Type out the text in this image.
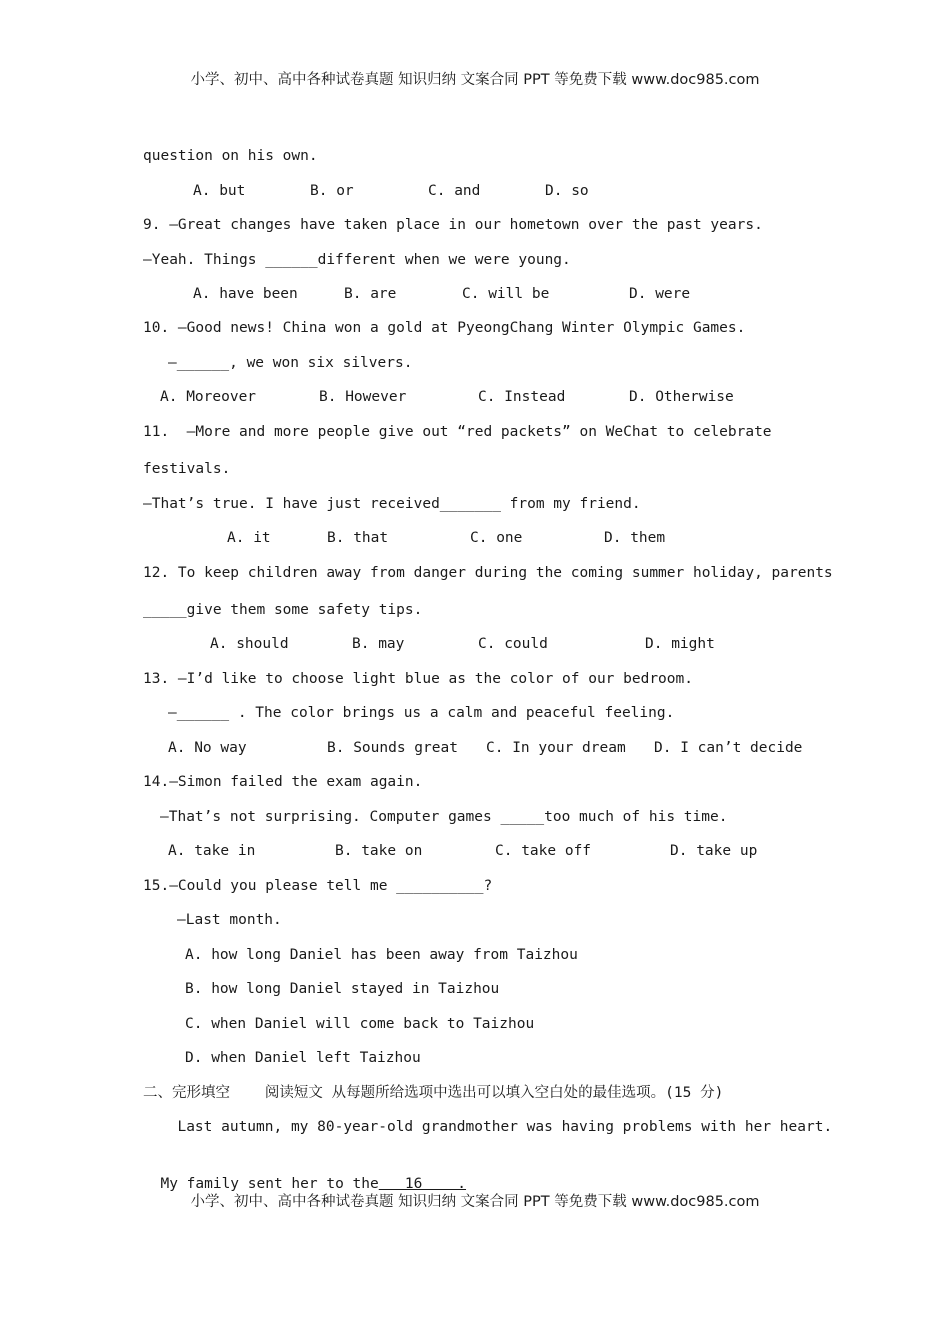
小学、初中、高中各种试卷真题 知识归纳 文案合同 PPT 等免费下载 www.doc985.com
question on his own.
A. but	B. or	C. and	D. so
9. —Great changes have taken place in our hometown over the past years.
—Yeah. Things ______different when we were young.
A. have been	B. are	C. will be	D. were
10. —Good news! China won a gold at PyeongChang Winter Olympic Games.
—______, we won six silvers.
A. Moreover	B. However	C. Instead	D. Otherwise
11.  —More and more people give out “red packets” on WeChat to celebrate
festivals.
—That’s true. I have just received_______ from my friend.
A. it	B. that	C. one	D. them
12. To keep children away from danger during the coming summer holiday, parents
_____give them some safety tips.
A. should	B. may	C. could	D. might
13. —I’d like to choose light blue as the color of our bedroom.
—______ . The color brings us a calm and peaceful feeling.
A. No way	B. Sounds great C. In your dream D. I can’t decide
14.—Simon failed the exam again.
—That’s not surprising. Computer games _____too much of his time.
A. take in	B. take on	C. take off	D. take up
15.—Could you please tell me __________?
—Last month.
A. how long Daniel has been away from Taizhou
B. how long Daniel stayed in Taizhou
C. when Daniel will come back to Taizhou
D. when Daniel left Taizhou
二、完形填空    阅读短文 从每题所给选项中选出可以填入空白处的最佳选项。(15 分)
Last autumn, my 80-year-old grandmother was having problems with her heart.

My family sent her to the   16    .

小学、初中、高中各种试卷真题 知识归纳 文案合同 PPT 等免费下载 www.doc985.com
